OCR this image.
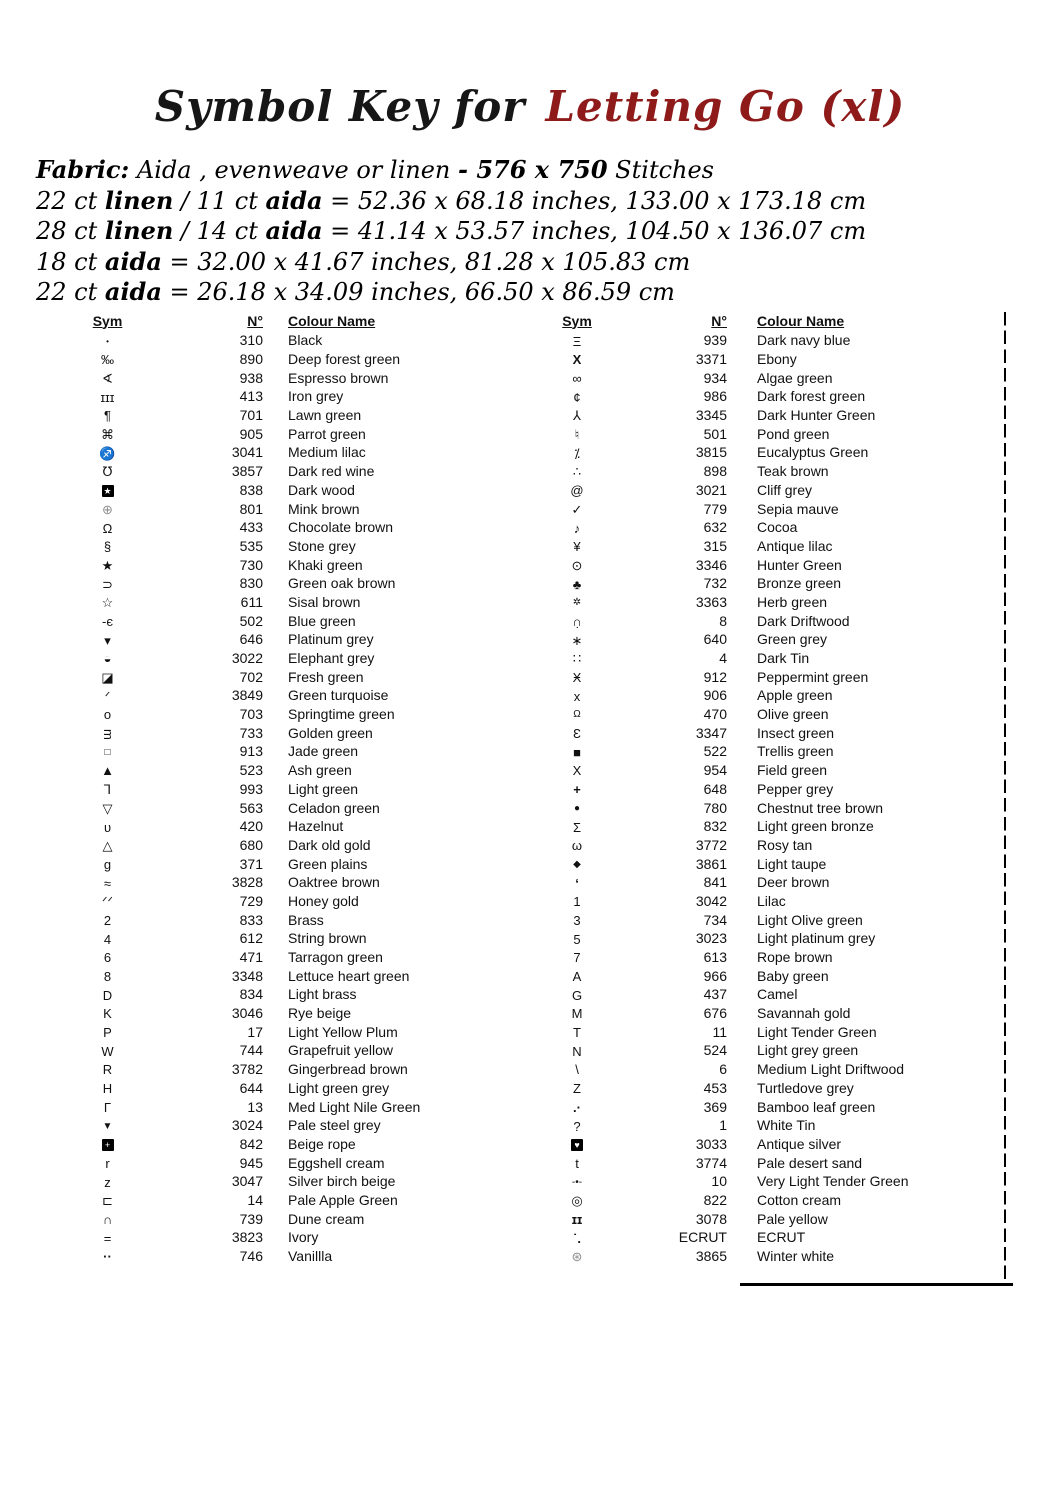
Symbol Key for Letting Go (xl)
Fabric: Aida , evenweave or linen - 576 x 750 Stitches
22 ct linen / 11 ct aida = 52.36 x 68.18 inches, 133.00 x 173.18 cm
28 ct linen / 14 ct aida = 41.14 x 53.57 inches, 104.50 x 136.07 cm
18 ct aida = 32.00 x 41.67 inches, 81.28 x 105.83 cm
22 ct aida = 26.18 x 34.09 inches, 66.50 x 86.59 cm
Sym	N°	Colour Name
•	310	Black
‰	890	Deep forest green
∢	938	Espresso brown
ɪɪɪ	413	Iron grey
¶	701	Lawn green
⌘	905	Parrot green
♐	3041	Medium lilac
℧	3857	Dark red wine
★	838	Dark wood
⊕	801	Mink brown
Ω	433	Chocolate brown
§	535	Stone grey
★	730	Khaki green
⊃	830	Green oak brown
☆	611	Sisal brown
-є	502	Blue green
▾	646	Platinum grey
◒	3022	Elephant grey
◪	702	Fresh green
ᐟ	3849	Green turquoise
o	703	Springtime green
ᴟ	733	Golden green
□	913	Jade green
▲	523	Ash green
⅂	993	Light green
▽	563	Celadon green
ᴜ	420	Hazelnut
△	680	Dark old gold
g	371	Green plains
≈	3828	Oaktree brown
ᐟᐟ	729	Honey gold
2	833	Brass
4	612	String brown
6	471	Tarragon green
8	3348	Lettuce heart green
D	834	Light brass
K	3046	Rye beige
P	17	Light Yellow Plum
W	744	Grapefruit yellow
R	3782	Gingerbread brown
H	644	Light green grey
Γ	13	Med Light Nile Green
▼	3024	Pale steel grey
+	842	Beige rope
r	945	Eggshell cream
z	3047	Silver birch beige
⊏	14	Pale Apple Green
∩	739	Dune cream
=	3823	Ivory
··	746	Vanillla
Sym	N°	Colour Name
Ξ	939	Dark navy blue
X	3371	Ebony
∞	934	Algae green
¢	986	Dark forest green
⅄	3345	Dark Hunter Green
♮	501	Pond green
⁒	3815	Eucalyptus Green
∴	898	Teak brown
@	3021	Cliff grey
✓	779	Sepia mauve
♪	632	Cocoa
¥	315	Antique lilac
⊙	3346	Hunter Green
♣	732	Bronze green
✲	3363	Herb green
∩̣	8	Dark Driftwood
∗	640	Green grey
∷	4	Dark Tin
Ӿ	912	Peppermint green
x	906	Apple green
Ω	470	Olive green
Ɛ	3347	Insect green
■	522	Trellis green
Χ	954	Field green
+	648	Pepper grey
●	780	Chestnut tree brown
Σ	832	Light green bronze
ω	3772	Rosy tan
◆	3861	Light taupe
‘	841	Deer brown
1	3042	Lilac
3	734	Light Olive green
5	3023	Light platinum grey
7	613	Rope brown
A	966	Baby green
G	437	Camel
M	676	Savannah gold
T	11	Light Tender Green
N	524	Light grey green
\	6	Medium Light Driftwood
Z	453	Turtledove grey
.·	369	Bamboo leaf green
?	1	White Tin
♥	3033	Antique silver
t	3774	Pale desert sand
-•-	10	Very Light Tender Green
◎	822	Cotton cream
ɪɪ	3078	Pale yellow
˙.	ECRUT	ECRUT
⊛	3865	Winter white
